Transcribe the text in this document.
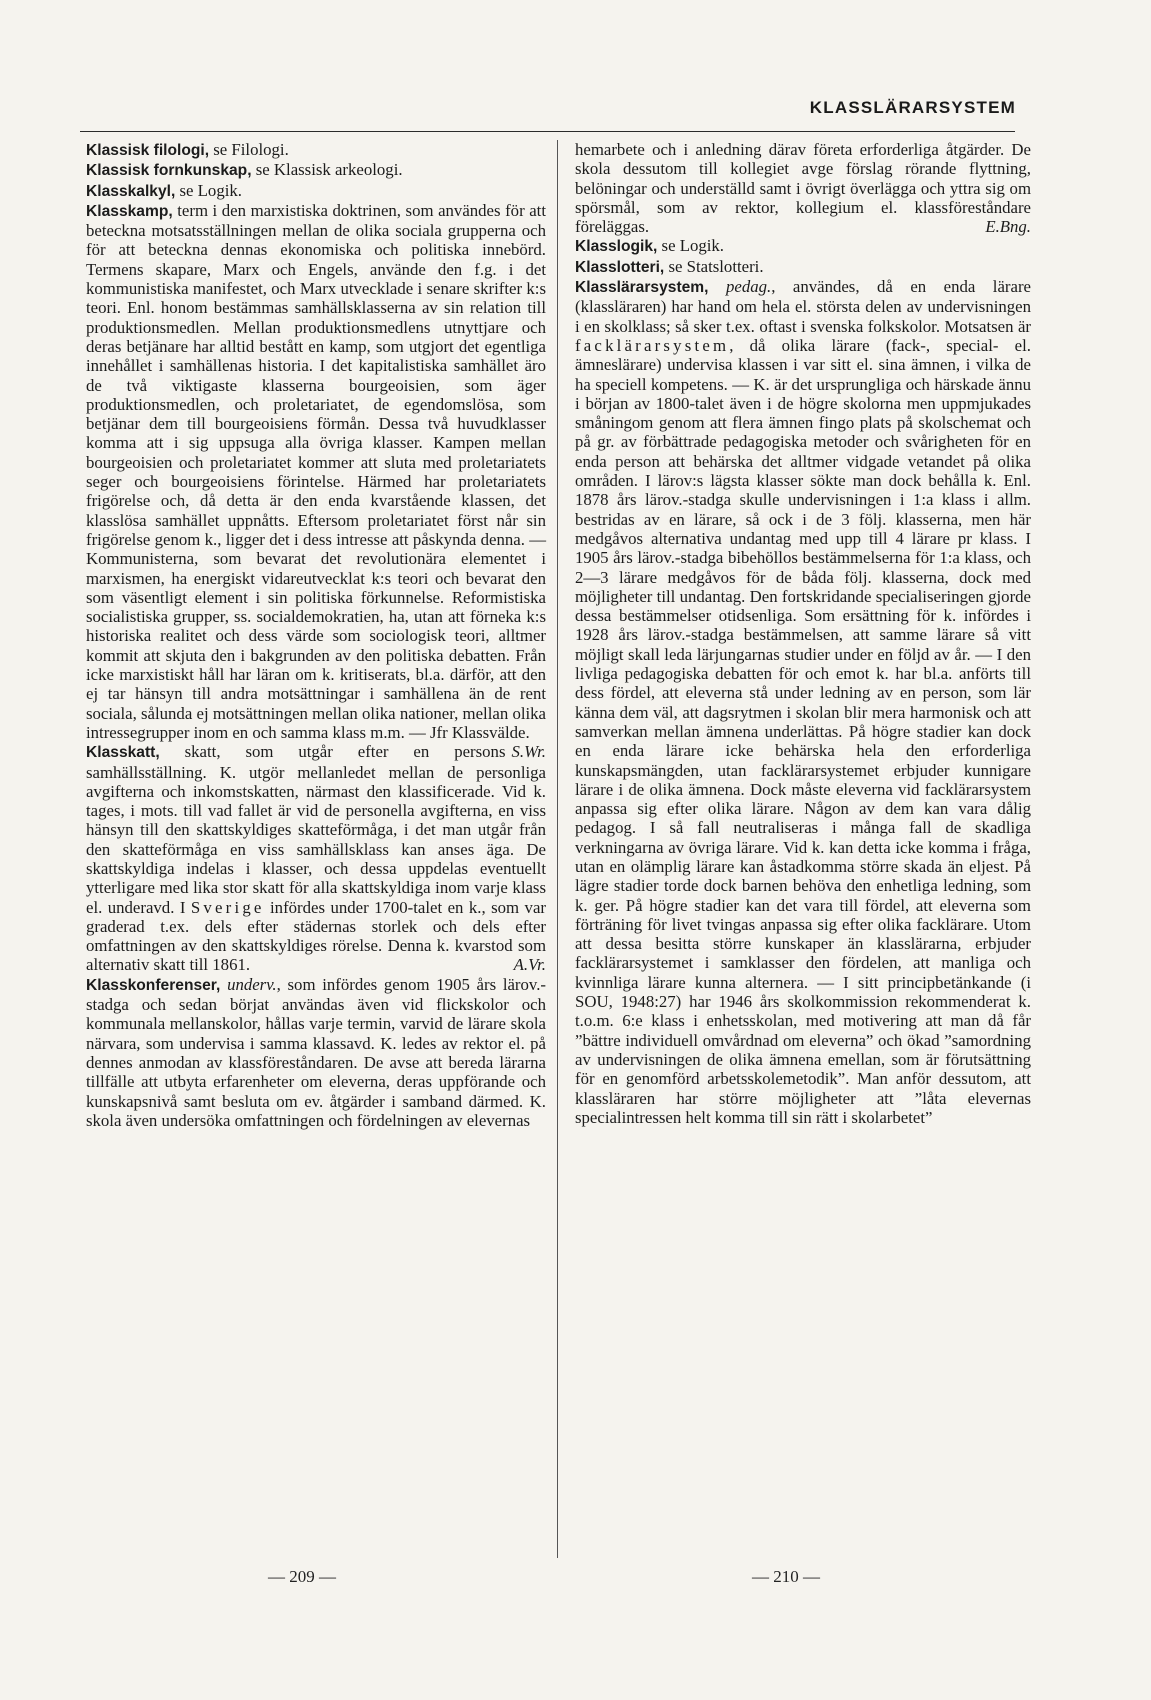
KLASSLÄRARSYSTEM

Klassisk filologi, se Filologi.

Klassisk fornkunskap, se Klassisk arkeologi.

Klasskalkyl, se Logik.

Klasskamp, term i den marxistiska doktrinen, som användes för att beteckna motsatsställningen mellan de olika sociala grupperna och för att beteckna dennas ekonomiska och politiska innebörd. Termens skapare, Marx och Engels, använde den f.g. i det kommunistiska manifestet, och Marx utvecklade i senare skrifter k:s teori. Enl. honom bestämmas samhällsklasserna av sin relation till produktionsmedlen. Mellan produktionsmedlens utnyttjare och deras betjänare har alltid bestått en kamp, som utgjort det egentliga innehållet i samhällenas historia. I det kapitalistiska samhället äro de två viktigaste klasserna bourgeoisien, som äger produktionsmedlen, och proletariatet, de egendomslösa, som betjänar dem till bourgeoisiens förmån. Dessa två huvudklasser komma att i sig uppsuga alla övriga klasser. Kampen mellan bourgeoisien och proletariatet kommer att sluta med proletariatets seger och bourgeoisiens förintelse. Härmed har proletariatets frigörelse och, då detta är den enda kvarstående klassen, det klasslösa samhället uppnåtts. Eftersom proletariatet först når sin frigörelse genom k., ligger det i dess intresse att påskynda denna. — Kommunisterna, som bevarat det revolutionära elementet i marxismen, ha energiskt vidareutvecklat k:s teori och bevarat den som väsentligt element i sin politiska förkunnelse. Reformistiska socialistiska grupper, ss. socialdemokratien, ha, utan att förneka k:s historiska realitet och dess värde som sociologisk teori, alltmer kommit att skjuta den i bakgrunden av den politiska debatten. Från icke marxistiskt håll har läran om k. kritiserats, bl.a. därför, att den ej tar hänsyn till andra motsättningar i samhällena än de rent sociala, sålunda ej motsättningen mellan olika nationer, mellan olika intressegrupper inom en och samma klass m.m. — Jfr Klassvälde.
S.Wr.

Klasskatt, skatt, som utgår efter en persons samhällsställning. K. utgör mellanledet mellan de personliga avgifterna och inkomstskatten, närmast den klassificerade. Vid k. tages, i mots. till vad fallet är vid de personella avgifterna, en viss hänsyn till den skattskyldiges skatteförmåga, i det man utgår från den skatteförmåga en viss samhällsklass kan anses äga. De skattskyldiga indelas i klasser, och dessa uppdelas eventuellt ytterligare med lika stor skatt för alla skattskyldiga inom varje klass el. underavd. I Sverige infördes under 1700-talet en k., som var graderad t.ex. dels efter städernas storlek och dels efter omfattningen av den skattskyldiges rörelse. Denna k. kvarstod som alternativ skatt till 1861.	A.Vr.

Klasskonferenser, underv., som infördes genom 1905 års lärov.-stadga och sedan börjat användas även vid flickskolor och kommunala mellanskolor, hållas varje termin, varvid de lärare skola närvara, som undervisa i samma klassavd. K. ledes av rektor el. på dennes anmodan av klassföreståndaren. De avse att bereda lärarna tillfälle att utbyta erfarenheter om eleverna, deras uppförande och kunskapsnivå samt besluta om ev. åtgärder i samband därmed. K. skola även undersöka omfattningen och fördelningen av elevernas

hemarbete och i anledning därav företa erforderliga åtgärder. De skola dessutom till kollegiet avge förslag rörande flyttning, belöningar och underställd samt i övrigt överlägga och yttra sig om spörsmål, som av rektor, kollegium el. klassföreståndare föreläggas.	E.Bng.

Klasslogik, se Logik.

Klasslotteri, se Statslotteri.

Klasslärarsystem, pedag., användes, då en enda lärare (klassläraren) har hand om hela el. största delen av undervisningen i en skolklass; så sker t.ex. oftast i svenska folkskolor. Motsatsen är facklärarsystem, då olika lärare (fack-, special- el. ämneslärare) undervisa klassen i var sitt el. sina ämnen, i vilka de ha speciell kompetens. — K. är det ursprungliga och härskade ännu i början av 1800-talet även i de högre skolorna men uppmjukades småningom genom att flera ämnen fingo plats på skolschemat och på gr. av förbättrade pedagogiska metoder och svårigheten för en enda person att behärska det alltmer vidgade vetandet på olika områden. I lärov:s lägsta klasser sökte man dock behålla k. Enl. 1878 års lärov.-stadga skulle undervisningen i 1:a klass i allm. bestridas av en lärare, så ock i de 3 följ. klasserna, men här medgåvos alternativa undantag med upp till 4 lärare pr klass. I 1905 års lärov.-stadga bibehöllos bestämmelserna för 1:a klass, och 2—3 lärare medgåvos för de båda följ. klasserna, dock med möjligheter till undantag. Den fortskridande specialiseringen gjorde dessa bestämmelser otidsenliga. Som ersättning för k. infördes i 1928 års lärov.-stadga bestämmelsen, att samme lärare så vitt möjligt skall leda lärjungarnas studier under en följd av år. — I den livliga pedagogiska debatten för och emot k. har bl.a. anförts till dess fördel, att eleverna stå under ledning av en person, som lär känna dem väl, att dagsrytmen i skolan blir mera harmonisk och att samverkan mellan ämnena underlättas. På högre stadier kan dock en enda lärare icke behärska hela den erforderliga kunskapsmängden, utan facklärarsystemet erbjuder kunnigare lärare i de olika ämnena. Dock måste eleverna vid facklärarsystem anpassa sig efter olika lärare. Någon av dem kan vara dålig pedagog. I så fall neutraliseras i många fall de skadliga verkningarna av övriga lärare. Vid k. kan detta icke komma i fråga, utan en olämplig lärare kan åstadkomma större skada än eljest. På lägre stadier torde dock barnen behöva den enhetliga ledning, som k. ger. På högre stadier kan det vara till fördel, att eleverna som förträning för livet tvingas anpassa sig efter olika facklärare. Utom att dessa besitta större kunskaper än klasslärarna, erbjuder facklärarsystemet i samklasser den fördelen, att manliga och kvinnliga lärare kunna alternera. — I sitt principbetänkande (i SOU, 1948:27) har 1946 års skolkommission rekommenderat k. t.o.m. 6:e klass i enhetsskolan, med motivering att man då får ”bättre individuell omvårdnad om eleverna” och ökad ”samordning av undervisningen de olika ämnena emellan, som är förutsättning för en genomförd arbetsskolemetodik”. Man anför dessutom, att klassläraren har större möjligheter att ”låta elevernas specialintressen helt komma till sin rätt i skolarbetet”

— 209 —	— 210 —
